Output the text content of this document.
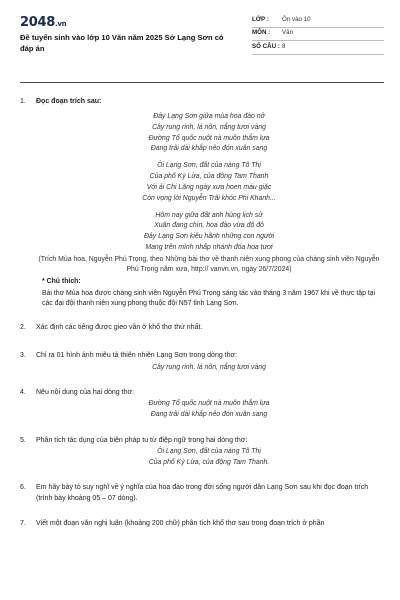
2048.vn
Đề tuyển sinh vào lớp 10 Văn năm 2025 Sở Lạng Sơn có đáp án
LỚP :	Ôn vào 10
MÔN :	Văn
SỐ CÂU : 8
1.	Đọc đoạn trích sau:
Đây Lạng Sơn giữa mùa hoa đào nở
Cây rung rinh, lá nõn, nắng tươi vàng
Đường Tổ quốc nuột nà muôn thắm lựa
Đang trải dài khắp nẻo đón xuân sang
Ôi Lạng Sơn, đất của nàng Tô Thị
Của phố Kỳ Lừa, của động Tam Thanh
Với ải Chi Lăng ngày xưa hoen máu giặc
Còn vọng lời Nguyễn Trãi khóc Phi Khanh...
Hôm nay giữa đất anh hùng lịch sử
Xuân đang chín, hoa đào vừa độ đỏ
Đây Lạng Sơn kiêu hãnh những con người
Mang trên mình nhấp nhánh đóa hoa tươi
(Trích Mùa hoa, Nguyễn Phú Trọng, theo Những bài thơ về thanh niên xung phong của chàng sinh viên Nguyễn Phú Trọng năm xưa, http:// vanvn.vn, ngày 26/7/2024)
* Chú thích:
Bài thơ Mùa hoa được chàng sinh viên Nguyễn Phú Trọng sáng tác vào tháng 3 năm 1967 khi về thực tập tại các đại đội thanh niên xung phong thuộc đội N57 tỉnh Lạng Sơn.
2.	Xác định các tiếng được gieo vần ở khổ thơ thứ nhất.
3.	Chỉ ra 01 hình ảnh miêu tả thiên nhiên Lạng Sơn trong dòng thơ:
Cây rung rinh, lá nõn, nắng tươi vàng
4.	Nêu nội dung của hai dòng thơ:
Đường Tổ quốc nuột nà muôn thắm lựa
Đang trải dài khắp nẻo đón xuân sang
5.	Phân tích tác dụng của biện pháp tu từ điệp ngữ trong hai dòng thơ:
Ôi Lạng Sơn, đất của nàng Tô Thị
Của phố Kỳ Lừa, của động Tam Thanh.
6.	Em hãy bày tỏ suy nghĩ về ý nghĩa của hoa đào trong đời sống người dân Lạng Sơn sau khi đọc đoạn trích (trình bày khoảng 05 – 07 dòng).
7.	Viết một đoạn văn nghị luận (khoảng 200 chữ) phân tích khổ thơ sau trong đoạn trích ở phần
